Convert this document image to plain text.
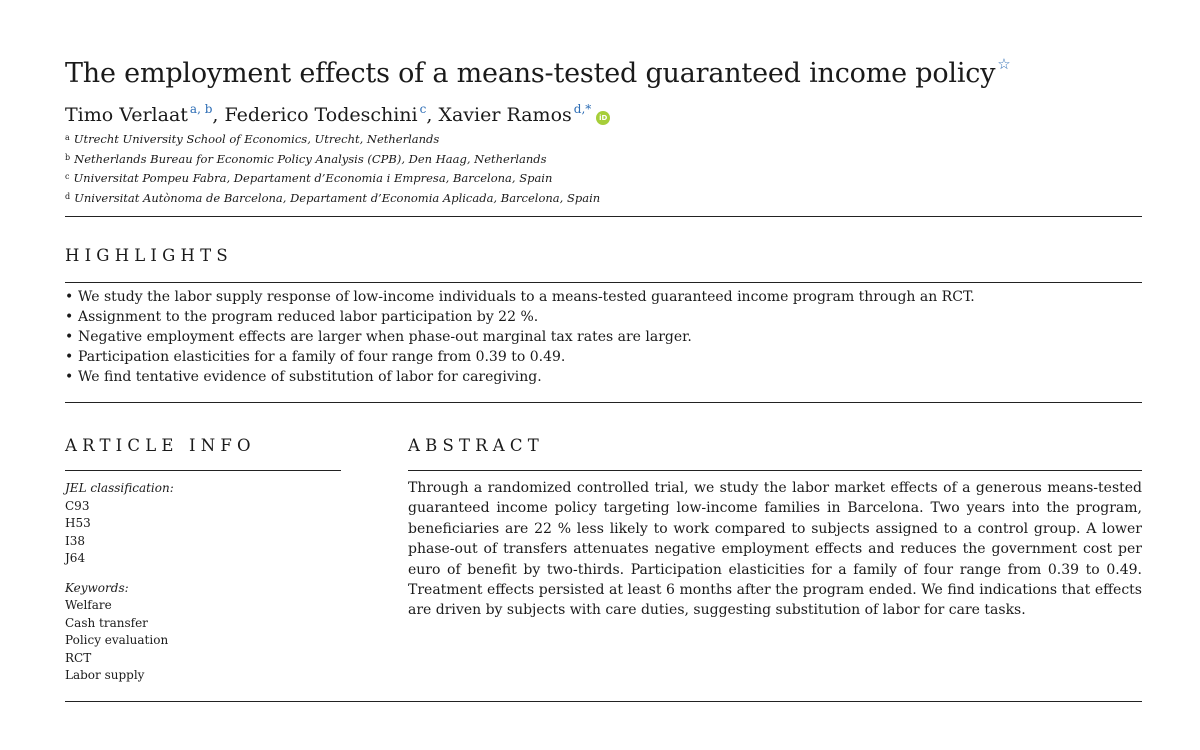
The employment effects of a means-tested guaranteed income policy ☆
Timo Verlaat $^{a, b}$, Federico Todeschini $^c$, Xavier Ramos $^{d,*}$iD
$^a$ Utrecht University School of Economics, Utrecht, Netherlands
$^b$ Netherlands Bureau for Economic Policy Analysis (CPB), Den Haag, Netherlands
$^c$ Universitat Pompeu Fabra, Departament d’Economia i Empresa, Barcelona, Spain
$^d$ Universitat Autònoma de Barcelona, Departament d’Economia Aplicada, Barcelona, Spain
HIGHLIGHTS
• We study the labor supply response of low-income individuals to a means-tested guaranteed income program through an RCT.
• Assignment to the program reduced labor participation by 22 %.
• Negative employment effects are larger when phase-out marginal tax rates are larger.
• Participation elasticities for a family of four range from 0.39 to 0.49.
• We find tentative evidence of substitution of labor for caregiving.
ARTICLE INFO
JEL classification:
C93
H53
I38
J64
Keywords:
Welfare
Cash transfer
Policy evaluation
RCT
Labor supply
ABSTRACT
Through a randomized controlled trial, we study the labor market effects of a generous means-tested guaranteed income policy targeting low-income families in Barcelona. Two years into the program, beneficiaries are 22 % less likely to work compared to subjects assigned to a control group. A lower phase-out of transfers attenuates negative employment effects and reduces the government cost per euro of benefit by two-thirds. Participation elasticities for a family of four range from 0.39 to 0.49. Treatment effects persisted at least 6 months after the program ended. We find indications that effects are driven by subjects with care duties, suggesting substitution of labor for care tasks.
